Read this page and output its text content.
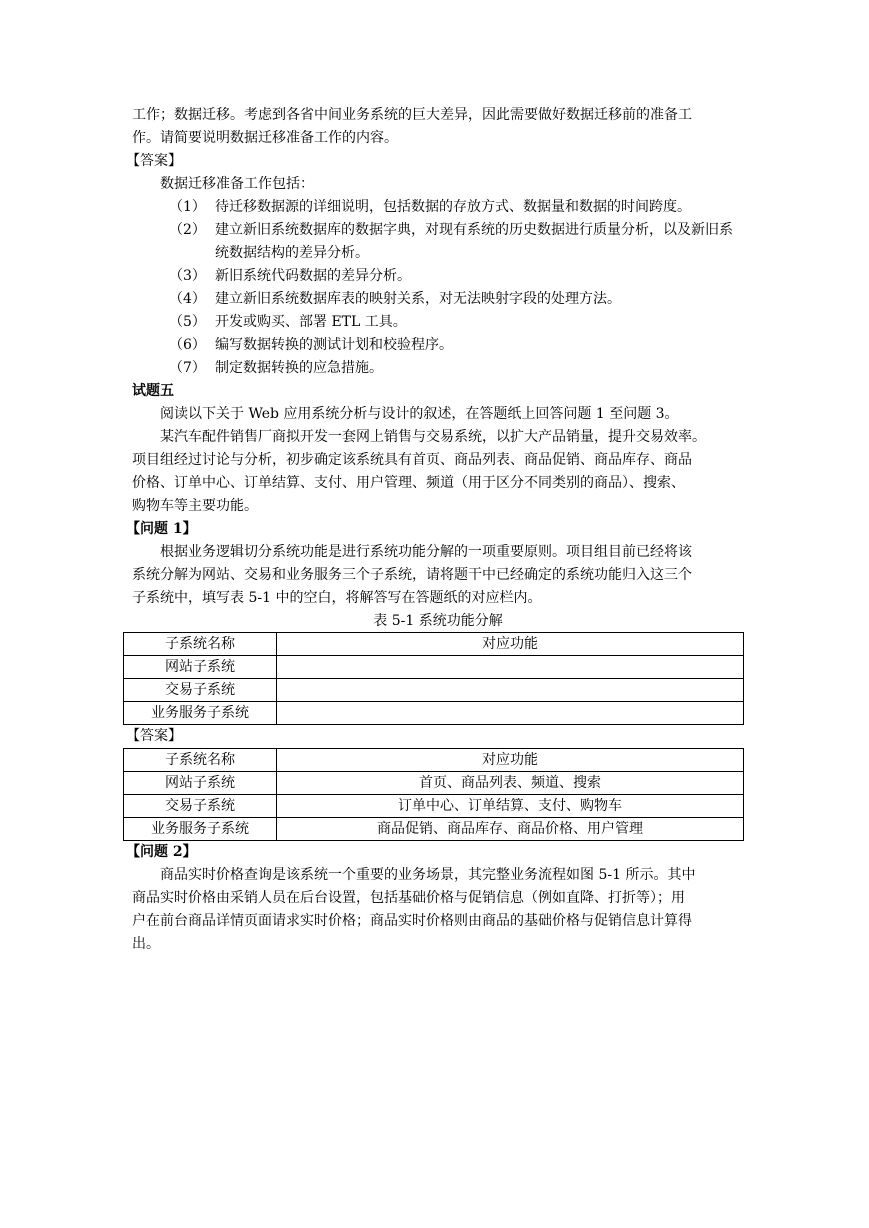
工作；数据迁移。考虑到各省中间业务系统的巨大差异，因此需要做好数据迁移前的准备工

作。请简要说明数据迁移准备工作的内容。

【答案】

数据迁移准备工作包括：

（1） 待迁移数据源的详细说明，包括数据的存放方式、数据量和数据的时间跨度。
（2） 建立新旧系统数据库的数据字典，对现有系统的历史数据进行质量分析，以及新旧系统数据结构的差异分析。
（3） 新旧系统代码数据的差异分析。
（4） 建立新旧系统数据库表的映射关系，对无法映射字段的处理方法。
（5） 开发或购买、部署 ETL 工具。
（6） 编写数据转换的测试计划和校验程序。
（7） 制定数据转换的应急措施。

试题五

阅读以下关于 Web 应用系统分析与设计的叙述，在答题纸上回答问题 1 至问题 3。

某汽车配件销售厂商拟开发一套网上销售与交易系统，以扩大产品销量，提升交易效率。

项目组经过讨论与分析，初步确定该系统具有首页、商品列表、商品促销、商品库存、商品

价格、订单中心、订单结算、支付、用户管理、频道（用于区分不同类别的商品）、搜索、

购物车等主要功能。

【问题 1】

根据业务逻辑切分系统功能是进行系统功能分解的一项重要原则。项目组目前已经将该

系统分解为网站、交易和业务服务三个子系统，请将题干中已经确定的系统功能归入这三个

子系统中，填写表 5-1 中的空白，将解答写在答题纸的对应栏内。

表 5-1 系统功能分解

子系统名称	对应功能
网站子系统	
交易子系统	
业务服务子系统	

【答案】

子系统名称	对应功能
网站子系统	首页、商品列表、频道、搜索
交易子系统	订单中心、订单结算、支付、购物车
业务服务子系统	商品促销、商品库存、商品价格、用户管理

【问题 2】

商品实时价格查询是该系统一个重要的业务场景，其完整业务流程如图 5-1 所示。其中

商品实时价格由采销人员在后台设置，包括基础价格与促销信息（例如直降、打折等）；用

户在前台商品详情页面请求实时价格；商品实时价格则由商品的基础价格与促销信息计算得

出。
